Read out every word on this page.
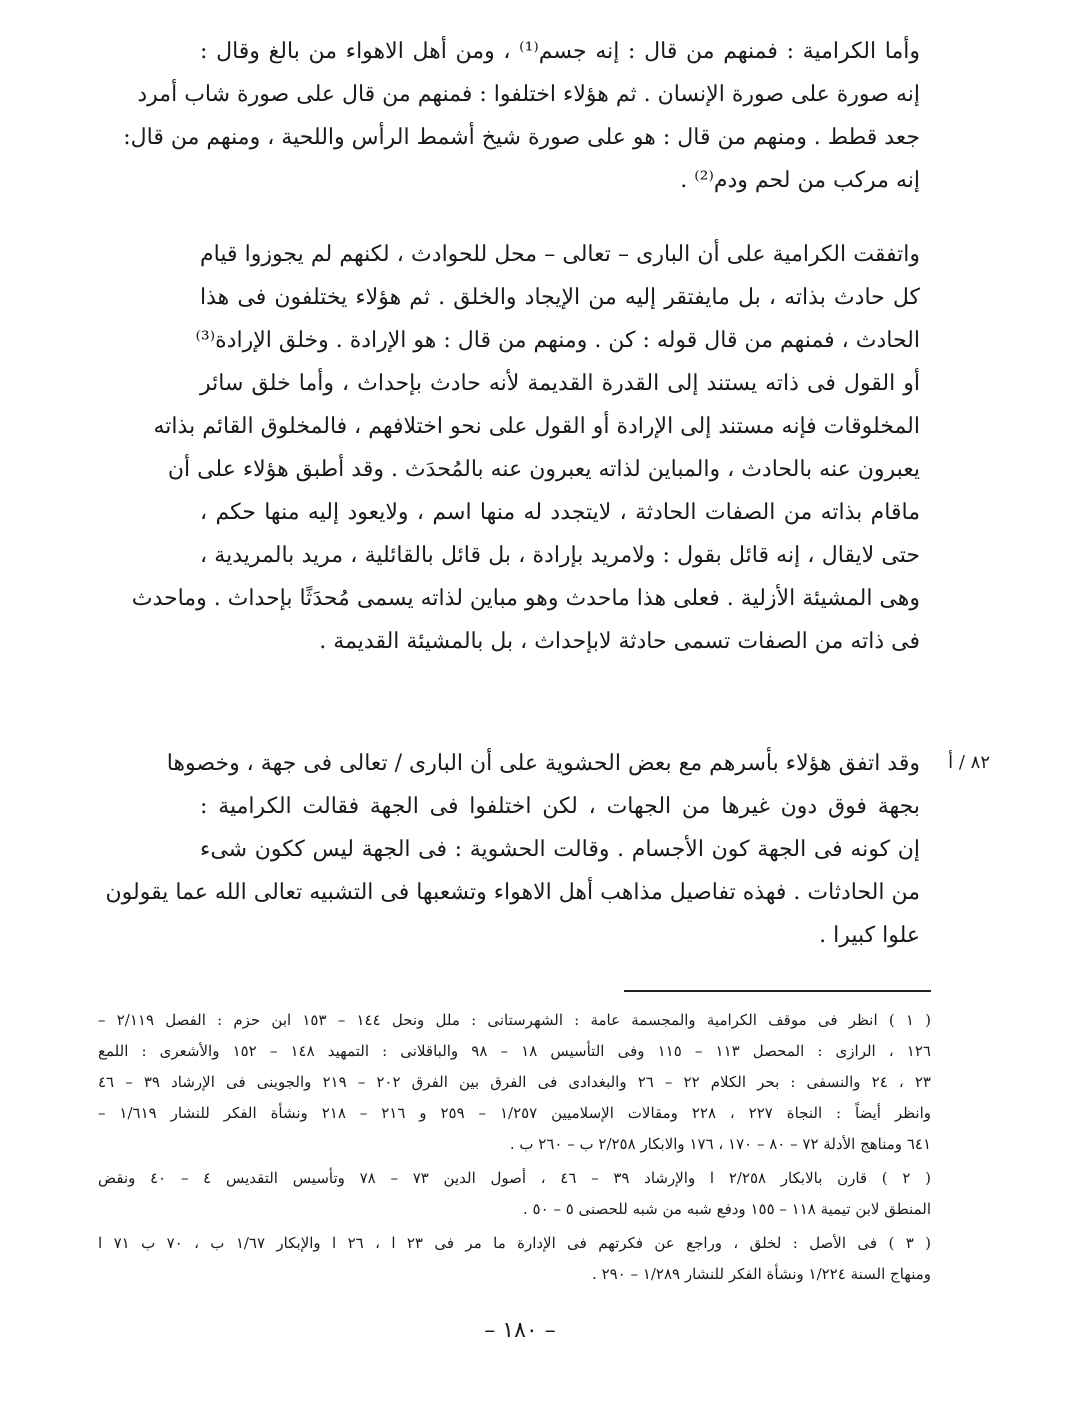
وأما الكرامية : فمنهم من قال : إنه جسم⁽¹⁾ ، ومن أهل الاهواء من بالغ وقال :
إنه صورة على صورة الإنسان . ثم هؤلاء اختلفوا : فمنهم من قال على صورة شاب أمرد
جعد قطط . ومنهم من قال : هو على صورة شيخ أشمط الرأس واللحية ، ومنهم من قال:
إنه مركب من لحم ودم⁽²⁾ .
واتفقت الكرامية على أن البارى – تعالى – محل للحوادث ، لكنهم لم يجوزوا قيام
كل حادث بذاته ، بل مايفتقر إليه من الإيجاد والخلق . ثم هؤلاء يختلفون فى هذا
الحادث ، فمنهم من قال قوله : كن . ومنهم من قال : هو الإرادة . وخلق الإرادة⁽³⁾
أو القول فى ذاته يستند إلى القدرة القديمة لأنه حادث بإحداث ، وأما خلق سائر
المخلوقات فإنه مستند إلى الإرادة أو القول على نحو اختلافهم ، فالمخلوق القائم بذاته
يعبرون عنه بالحادث ، والمباين لذاته يعبرون عنه بالمُحدَث . وقد أطبق هؤلاء على أن
ماقام بذاته من الصفات الحادثة ، لايتجدد له منها اسم ، ولايعود إليه منها حكم ،
حتى لايقال ، إنه قائل بقول : ولامريد بإرادة ، بل قائل بالقائلية ، مريد بالمريدية ،
وهى المشيئة الأزلية . فعلى هذا ماحدث وهو مباين لذاته يسمى مُحدَثًا بإحداث . وماحدث
فى ذاته من الصفات تسمى حادثة لابإحداث ، بل بالمشيئة القديمة .
٨٢ / أ
وقد اتفق هؤلاء بأسرهم مع بعض الحشوية على أن البارى / تعالى فى جهة ، وخصوها
بجهة فوق دون غيرها من الجهات ، لكن اختلفوا فى الجهة فقالت الكرامية :
إن كونه فى الجهة كون الأجسام . وقالت الحشوية : فى الجهة ليس ككون شىء
من الحادثات . فهذه تفاصيل مذاهب أهل الاهواء وتشعبها فى التشبيه تعالى الله عما يقولون
علوا كبيرا .
( ١ ) انظر فى موقف الكرامية والمجسمة عامة : الشهرستانى : ملل ونحل ١٤٤ – ١٥٣ ابن حزم : الفصل ٢/١١٩ –
١٢٦ ، الرازى : المحصل ١١٣ – ١١٥ وفى التأسيس ١٨ – ٩٨ والباقلانى : التمهيد ١٤٨ – ١٥٢ والأشعرى : اللمع
٢٣ ، ٢٤ والنسفى : بحر الكلام ٢٢ – ٢٦ والبغدادى فى الفرق بين الفرق ٢٠٢ – ٢١٩ والجوينى فى الإرشاد ٣٩ – ٤٦
وانظر أيضاً : النجاة ٢٢٧ ، ٢٢٨ ومقالات الإسلاميين ١/٢٥٧ – ٢٥٩ و ٢١٦ – ٢١٨ ونشأة الفكر للنشار ١/٦١٩ –
٦٤١ ومناهج الأدلة ٧٢ – ٨٠ – ١٧٠ ، ١٧٦ والابكار ٢/٢٥٨ ب – ٢٦٠ ب .
( ٢ ) قارن بالابكار ٢/٢٥٨ ا والإرشاد ٣٩ – ٤٦ ، أصول الدين ٧٣ – ٧٨ وتأسيس التقديس ٤ – ٤٠ ونقض
المنطق لابن تيمية ١١٨ – ١٥٥ ودفع شبه من شبه للحصنى ٥ – ٥٠ .
( ٣ ) فى الأصل : لخلق ، وراجع عن فكرتهم فى الإدارة ما مر فى ٢٣ ا ، ٢٦ ا والإبكار ١/٦٧ ب ، ٧٠ ب ٧١ ا
ومنهاج السنة ١/٢٢٤ ونشأة الفكر للنشار ١/٢٨٩ – ٢٩٠ .
– ١٨٠ –
